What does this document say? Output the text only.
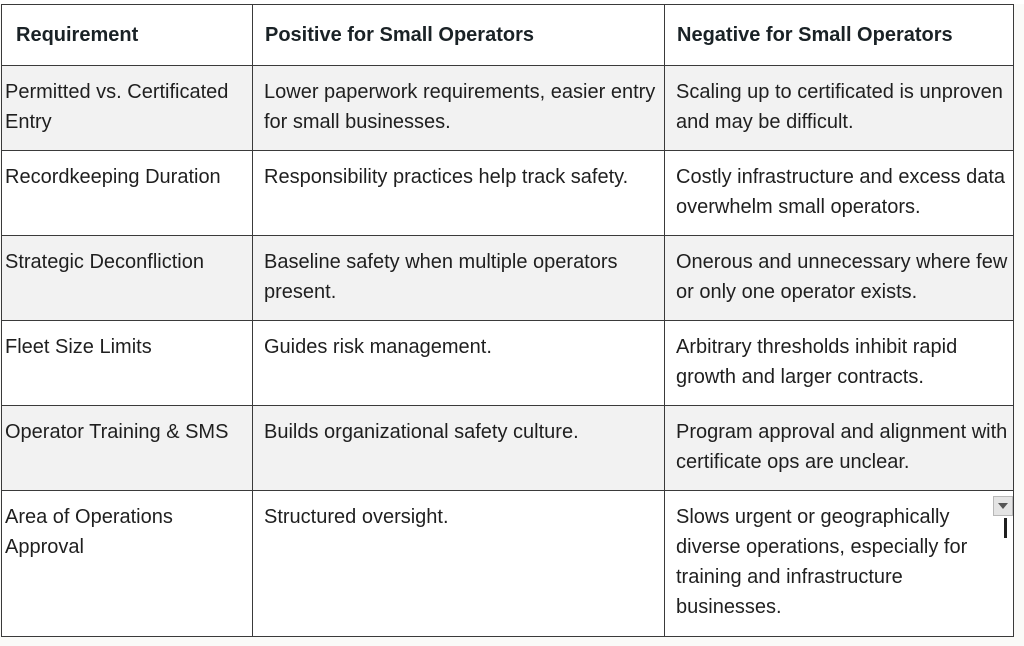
Requirement	Positive for Small Operators	Negative for Small Operators
Permitted vs. Certificated Entry	Lower paperwork requirements, easier entry for small businesses.	Scaling up to certificated is unproven and may be difficult.
Recordkeeping Duration	Responsibility practices help track safety.	Costly infrastructure and excess data overwhelm small operators.
Strategic Deconfliction	Baseline safety when multiple operators present.	Onerous and unnecessary where few or only one operator exists.
Fleet Size Limits	Guides risk management.	Arbitrary thresholds inhibit rapid growth and larger contracts.
Operator Training & SMS	Builds organizational safety culture.	Program approval and alignment with certificate ops are unclear.
Area of Operations Approval	Structured oversight.	Slows urgent or geographically diverse operations, especially for training and infrastructure businesses.
